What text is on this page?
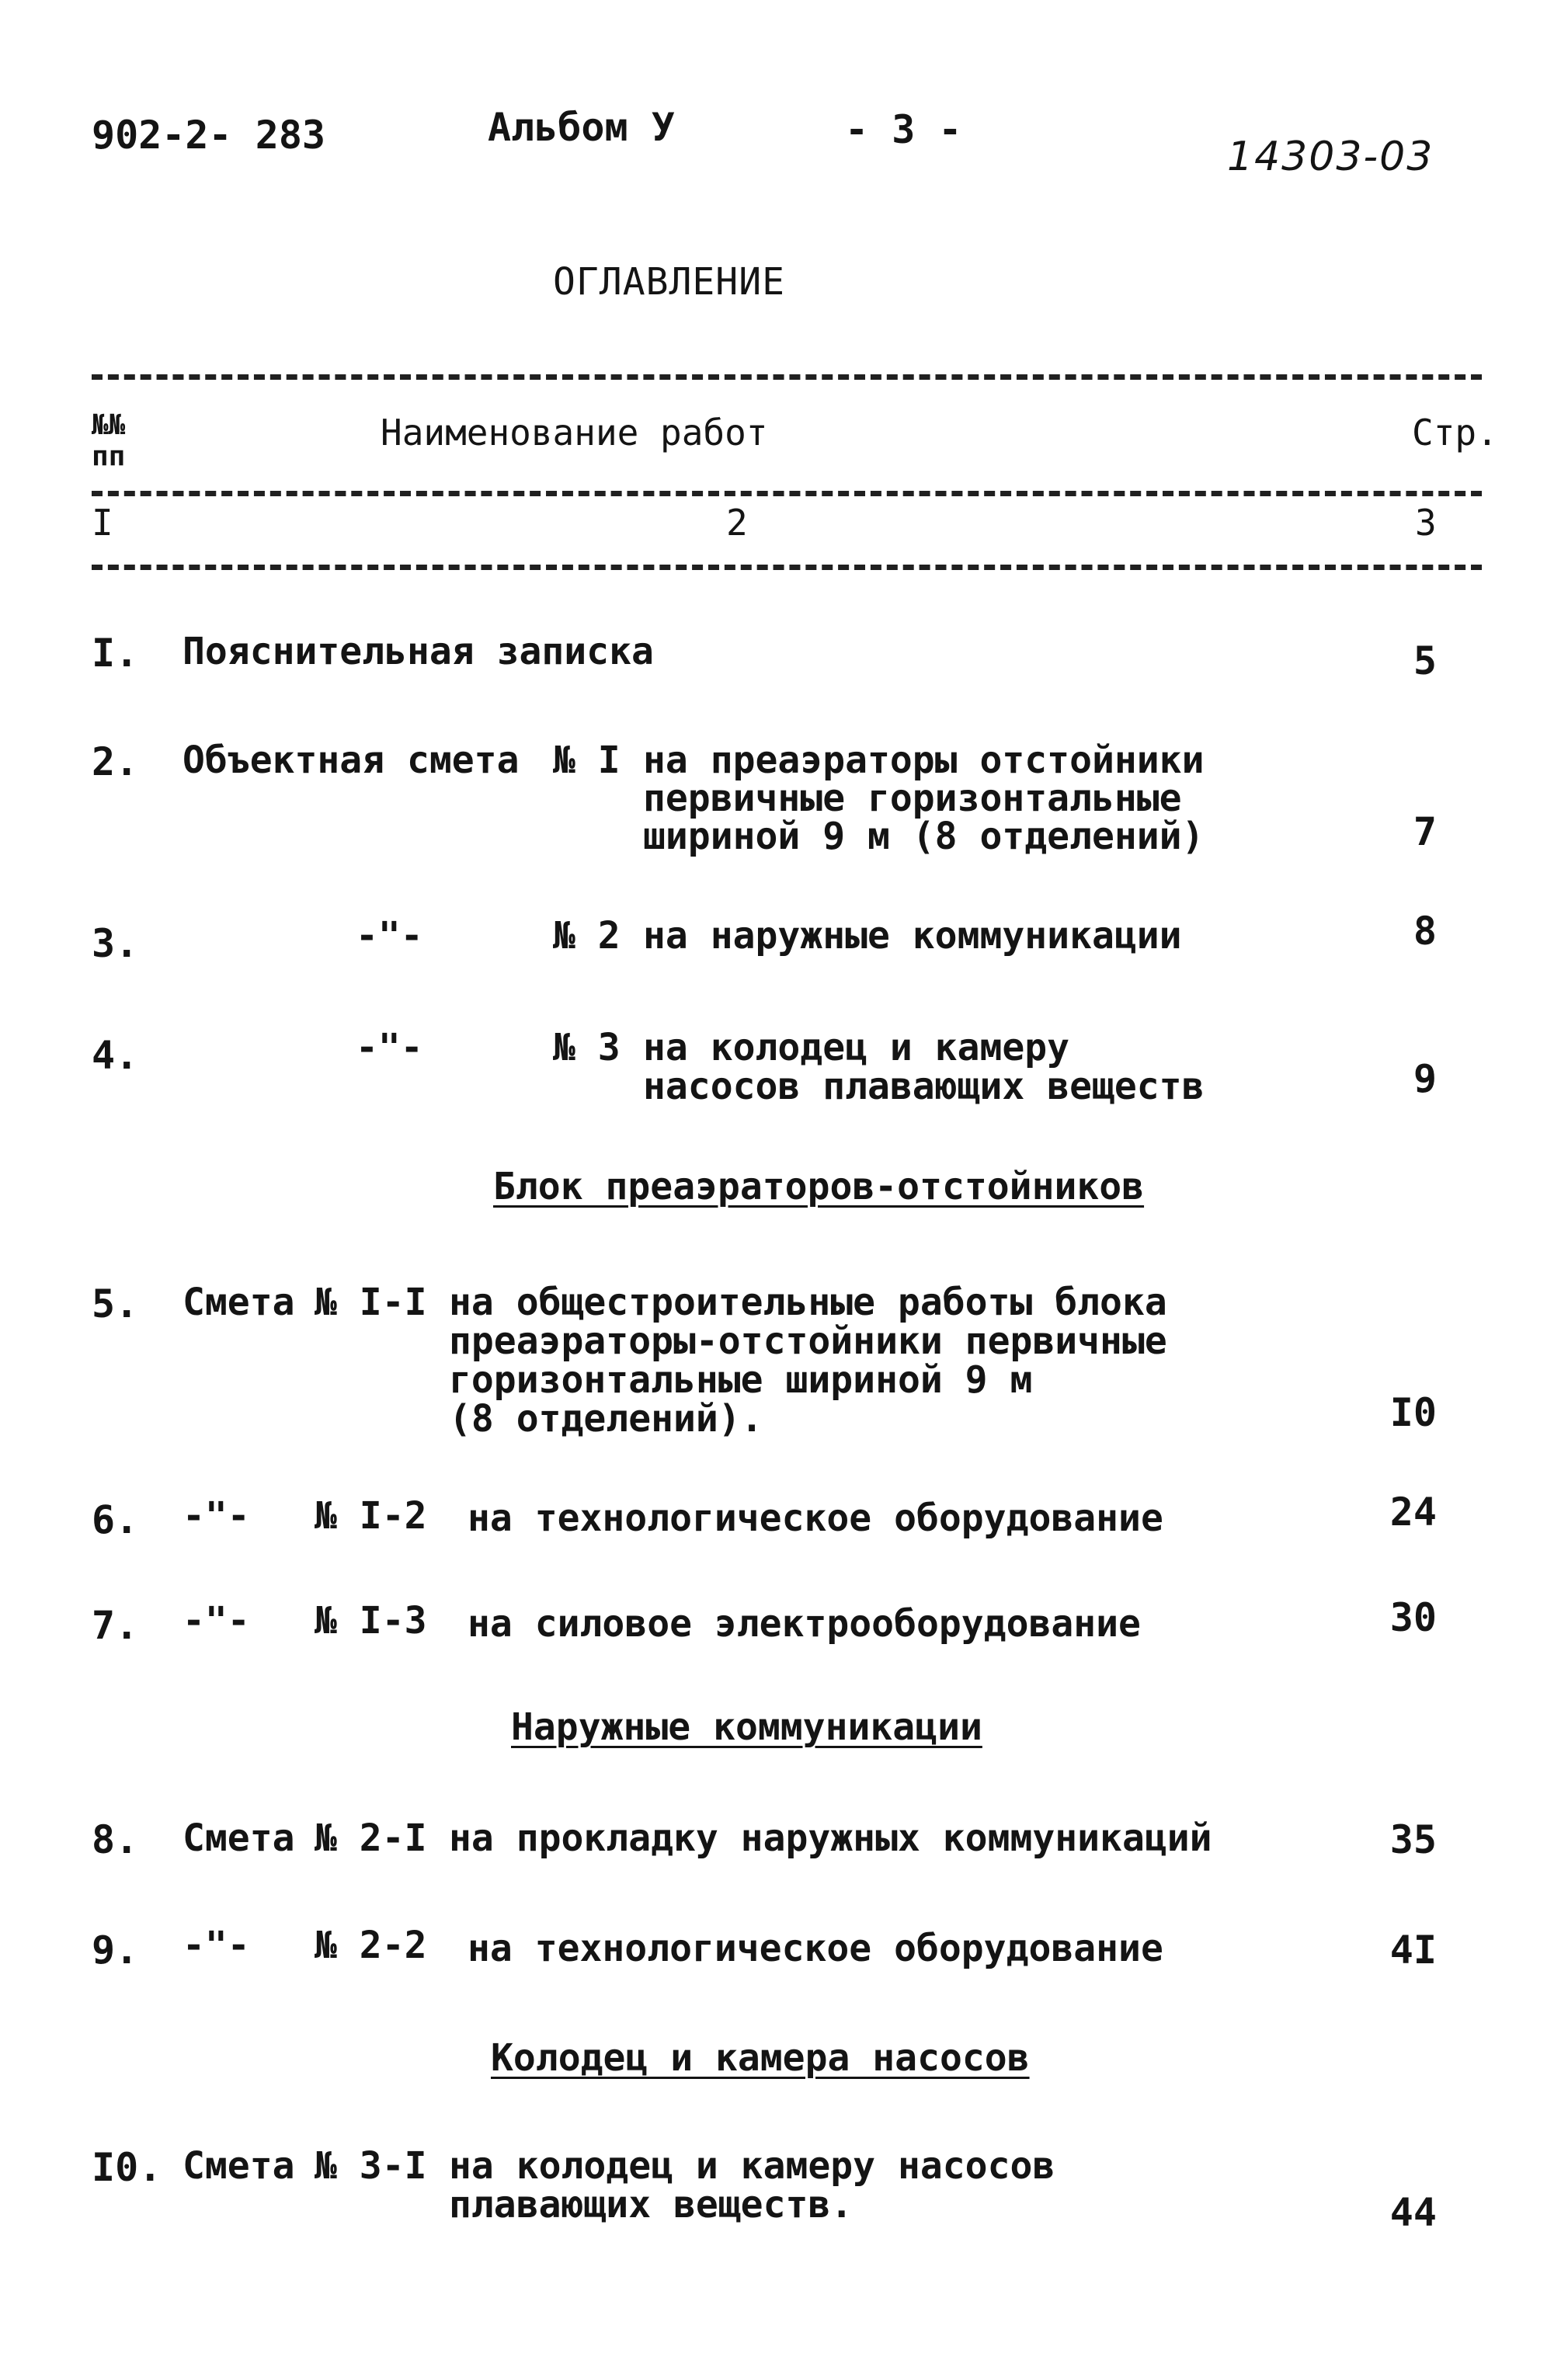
902-2- 283	Альбом У	- 3 -
14303-03
ОГЛАВЛЕНИЕ
№№
пп
Наименование работ	Стр.
I	2	3
I. Пояснительная записка	5
2. Объектная смета № I на преаэраторы отстойники
первичные горизонтальные
шириной 9 м (8 отделений)	7
3.	-"-	№ 2 на наружные коммуникации	8
4.	-"-	№ 3 на колодец и камеру
насосов плавающих веществ	9
Блок преаэраторов-отстойников
5. Смета № I-I на общестроительные работы блока
преаэраторы-отстойники первичные
горизонтальные шириной 9 м
(8 отделений).	I0
6. -"- № I-2 на технологическое оборудование	24
7. -"- № I-3 на силовое электрооборудование	30
Наружные коммуникации
8. Смета № 2-I на прокладку наружных коммуникаций	35
9. -"- № 2-2 на технологическое оборудование	4I
Колодец и камера насосов
I0. Смета № 3-I на колодец и камеру насосов
плавающих веществ.	44
